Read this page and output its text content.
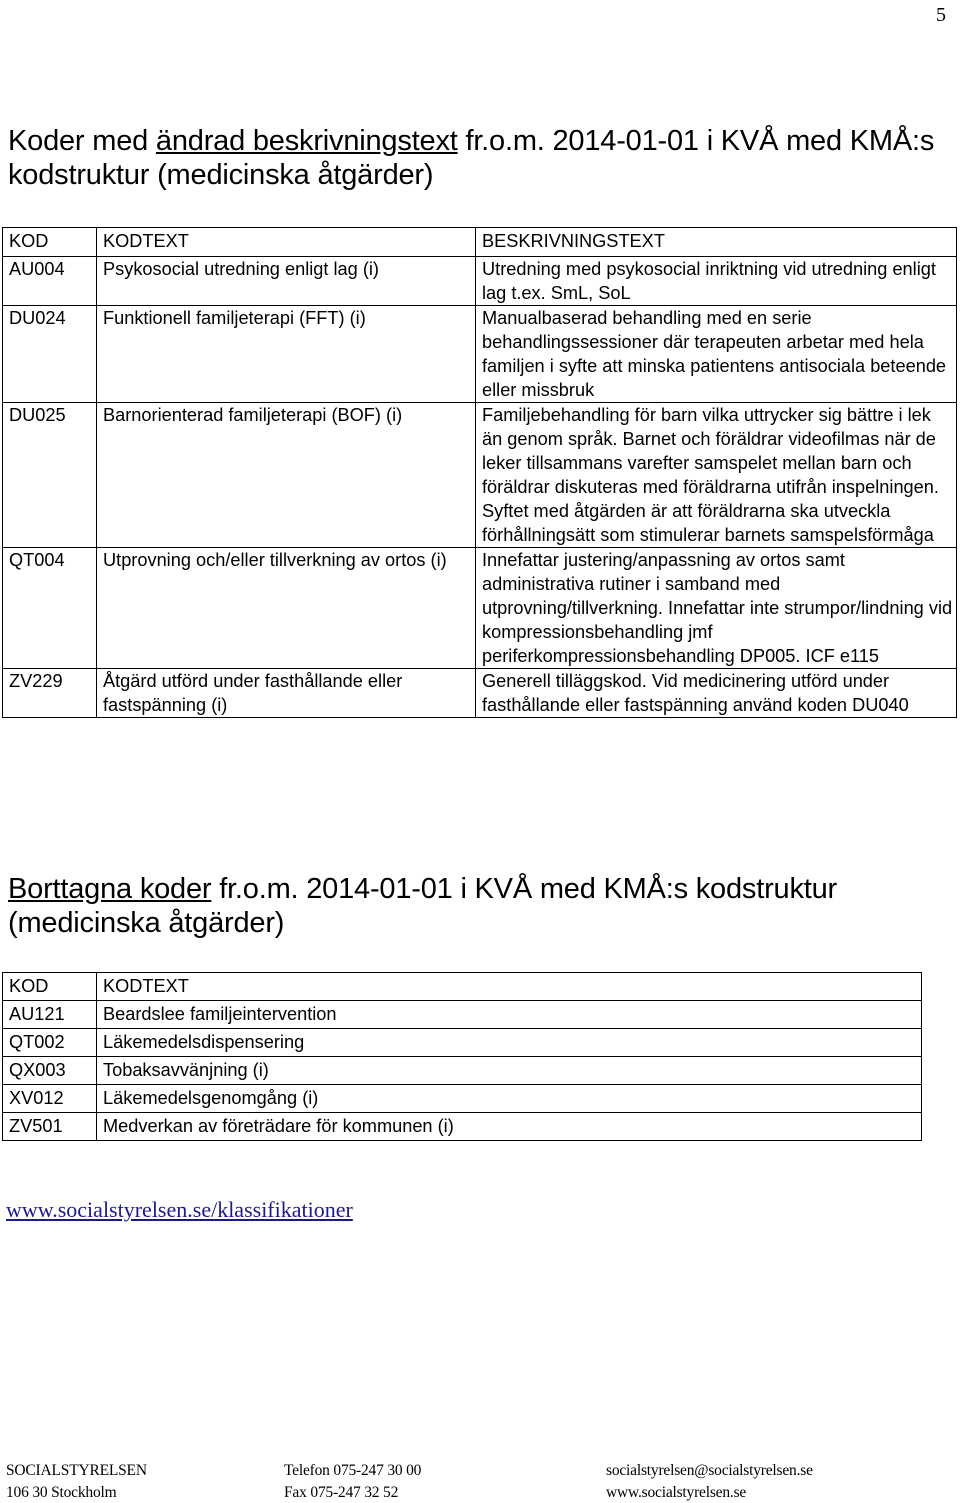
5
Koder med ändrad beskrivningstext fr.o.m. 2014-01-01 i KVÅ med KMÅ:s kodstruktur (medicinska åtgärder)
KOD	KODTEXT	BESKRIVNINGSTEXT
AU004	Psykosocial utredning enligt lag (i)	Utredning med psykosocial inriktning vid utredning enligt lag t.ex. SmL, SoL
DU024	Funktionell familjeterapi (FFT) (i)	Manualbaserad behandling med en serie behandlingssessioner där terapeuten arbetar med hela familjen i syfte att minska patientens antisociala beteende eller missbruk
DU025	Barnorienterad familjeterapi (BOF) (i)	Familjebehandling för barn vilka uttrycker sig bättre i lek än genom språk. Barnet och föräldrar videofilmas när de leker tillsammans varefter samspelet mellan barn och föräldrar diskuteras med föräldrarna utifrån inspelningen. Syftet med åtgärden är att föräldrarna ska utveckla förhållningsätt som stimulerar barnets samspelsförmåga
QT004	Utprovning och/eller tillverkning av ortos (i)	Innefattar justering/anpassning av ortos samt administrativa rutiner i samband med utprovning/tillverkning. Innefattar inte strumpor/lindning vid kompressionsbehandling jmf periferkompressionsbehandling DP005. ICF e115
ZV229	Åtgärd utförd under fasthållande eller fastspänning (i)	Generell tilläggskod. Vid medicinering utförd under fasthållande eller fastspänning använd koden DU040
Borttagna koder fr.o.m. 2014-01-01 i KVÅ med KMÅ:s kodstruktur (medicinska åtgärder)
KOD	KODTEXT
AU121	Beardslee familjeintervention
QT002	Läkemedelsdispensering
QX003	Tobaksavvänjning (i)
XV012	Läkemedelsgenomgång (i)
ZV501	Medverkan av företrädare för kommunen (i)
www.socialstyrelsen.se/klassifikationer
SOCIALSTYRELSEN	Telefon 075-247 30 00	socialstyrelsen@socialstyrelsen.se
106 30 Stockholm	Fax 075-247 32 52	www.socialstyrelsen.se
